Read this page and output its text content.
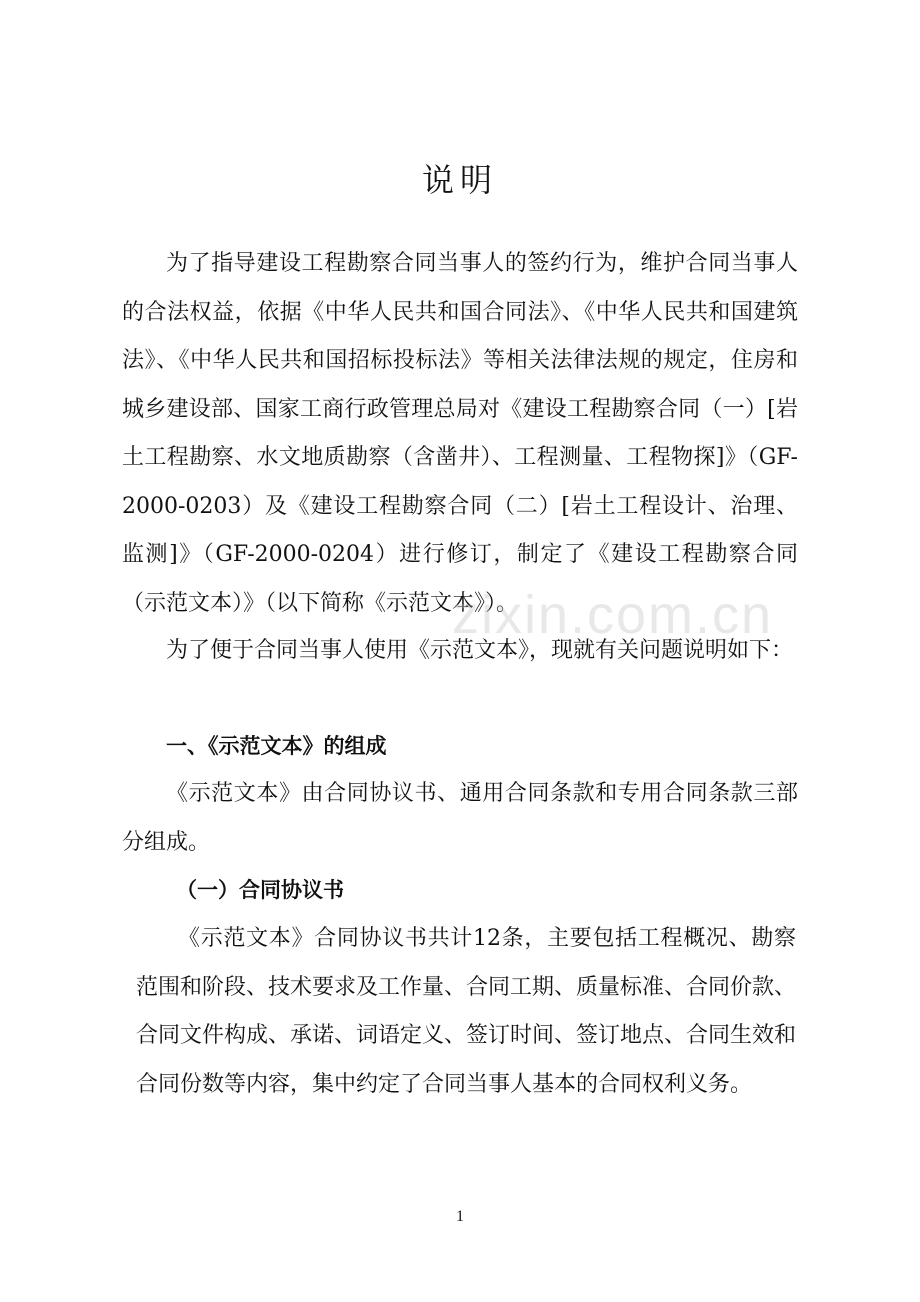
说明

为了指导建设工程勘察合同当事人的签约行为，维护合同当事人的合法权益，依据《中华人民共和国合同法》、《中华人民共和国建筑法》、《中华人民共和国招标投标法》等相关法律法规的规定，住房和城乡建设部、国家工商行政管理总局对《建设工程勘察合同（一）[岩土工程勘察、水文地质勘察（含凿井）、工程测量、工程物探]》（GF-2000-0203）及《建设工程勘察合同（二）[岩土工程设计、治理、监测]》（GF-2000-0204）进行修订，制定了《建设工程勘察合同（示范文本）》（以下简称《示范文本》）。

为了便于合同当事人使用《示范文本》，现就有关问题说明如下：

zixin.com.cn

一、《示范文本》的组成

《示范文本》由合同协议书、通用合同条款和专用合同条款三部分组成。

（一）合同协议书

《示范文本》合同协议书共计12条，主要包括工程概况、勘察范围和阶段、技术要求及工作量、合同工期、质量标准、合同价款、合同文件构成、承诺、词语定义、签订时间、签订地点、合同生效和合同份数等内容，集中约定了合同当事人基本的合同权利义务。

1
